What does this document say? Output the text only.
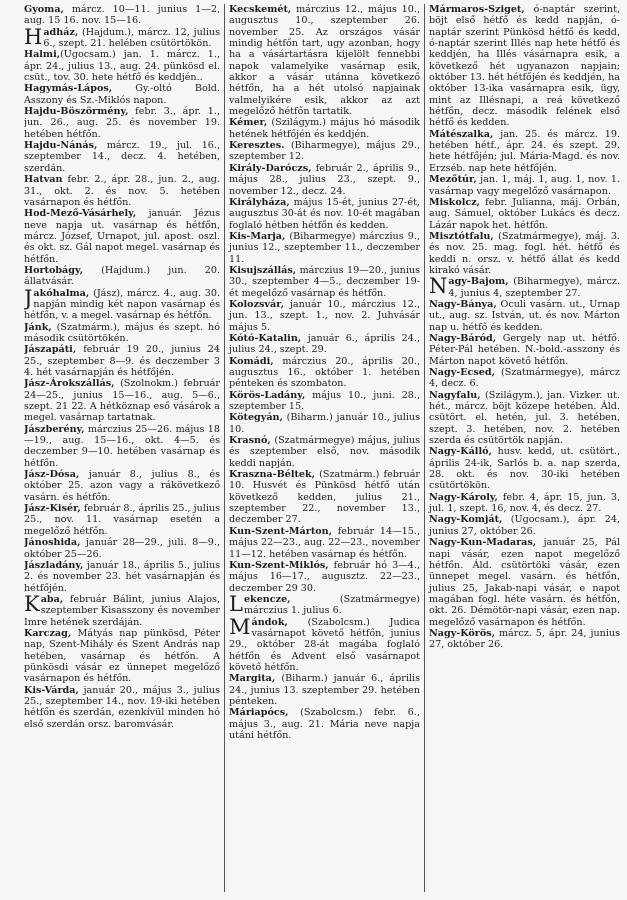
Gyoma, márcz. 10—11. junius 1—2, aug. 15 16. nov. 15—16.

Hadház, (Hajdum.), márcz. 12, julius 6., szept. 21. helében csütörtökön.

Halmi,(Ugocsam.) jan. 1. márcz. 1., ápr. 24., julius 13., aug. 24. pünkösd el. csüt., tov. 30. hete hétfő és keddjén..

Hagymás-Lápos, Gy.-oltó Bold. Asszony és Sz.-Miklós napon.

Hajdu-Böszörmény, febr. 3., ápr. 1., jun. 26., aug. 25. és november 19. hetében hétfőn.

Hajdu-Nánás, márcz. 19., jul. 16., szeptember 14., decz. 4. hetében, szerdán.

Hatvan febr. 2., ápr. 28., jun. 2., aug. 31., okt. 2. és nov. 5. hetében vasárnapon és hétfőn.

Hod-Mező-Vásárhely, január. Jézus neve napja ut. vasárnap és hétfőn, márcz. József, Urnapot, jul. apost. oszl. és okt. sz. Gál napot megel. vasárnap és hétfőn.

Hortobágy, (Hajdum.) jun. 20. állatvásár.

Jakóhalma, (Jász), márcz. 4., aug. 30. napján mindig két napon vasárnap és hétfőn, v. a megel. vasárnap és hétfőn.

Jánk, (Szatmárm.), május és szept. hó második csütörtökén.

Jászapáti, február 19 20., junius 24 25., szeptember 8—9. és deczember 3 4. hét vasárnapján és hétfőjén.

Jász-Árokszállás, (Szolnokm.) február 24—25., junius 15—16., aug. 5—6., szept. 21 22. A hétköznap eső vásárok a megel. vasárnap tartatnak.

Jászberény, márczius 25—26. május 18—19., aug. 15—16., okt. 4—5. és deczember 9—10. hetében vasárnap és hétfőn.

Jász-Dósa, január 8., julius 8., és október 25. azon vagy a rákövetkező vasárn. és hétfőn.

Jász-Kisér, február 8., április 25., julius 25., nov. 11. vasárnap esetén a megelőző hétfőn.

Jánoshida, január 28—29., juli. 8—9., október 25—26.

Jászladány, január 18., április 5., julius 2. és november 23. hét vasárnapján és hétfőjén.

Kaba, február Bálint, junius Alajos, szeptember Kisasszony és november Imre hetének szerdáján.

Karczag, Mátyás nap pünkösd, Péter nap, Szent-Mihály és Szent András nap hetében, vasárnap és hétfőn. A pünkösdi vásár ez ünnepet megelőző vasárnapon és hétfőn.

Kis-Várda, január 20., május 3., julius 25., szeptember 14., nov. 19-iki hetében hétfőn és szerdán, ezenkívül minden hó első szerdán orsz. baromvásár.

Kecskemét, márczius 12., május 10., augusztus 10., szeptember 26. november 25. Az országos vásár mindig hétfőn tart, ugy azonban, hogy ha a vásártartásra kijelölt fennebbi napok valamelyike vasárnap esik, akkor a vásár utánna következő hétfőn, ha a hét utolsó napjainak valmelyikére esik, akkor az azt megelőző hétfőn tartatik.

Kémer, (Szilágym.) május hó második hetének hétfőjén és keddjén.

Keresztes. (Biharmegye), május 29., szeptember 12.

Király-Daróczs, február 2., április 9., május 28., julius 23., szept. 9., november 12., decz. 24.

Királyháza, május 15-ét, junius 27-ét, augusztus 30-át és nov. 10-ét magában foglaló hétben hétfőn és kedden.

Kis-Marja, (Biharmegye) márczius 9., junius 12., szeptember 11., deczember 11.

Kisujszállás, márczius 19—20., junius 30., szeptember 4—5., deczember 19-ét megelőző vasárnap és hétfőn.

Kolozsvár, január 10., márczius 12., jun. 13., szept. 1., nov. 2. Juhvásár május 5.

Kótó-Katalin, január 6., április 24., julius 24., szept. 29.

Komádi, márczius 20., április 20., augusztus 16., október 1. hetében pénteken és szombaton.

Körös-Ladány, május 10., juni. 28., szeptember 15.

Kötegyán, (Biharm.) január 10., julius 10.

Krasnó, (Szatmármegye) május, julius és szeptember első, nov. második keddi napján.

Kraszna-Béltek, (Szatmárm.) február 10. Husvét és Pünkösd hétfő után következő kedden, julius 21., szeptember 22., november 13., deczember 27.

Kun-Szent-Márton, február 14—15., május 22—23., aug. 22—23., november 11—12. hetében vasárnap és hétfőn.

Kun-Szent-Miklós, február hó 3—4., május 16—17., augusztz. 22—23., deczember 29 30.

Lekencze, (Szatmármegye) márczius 1. julius 6.

Mándok, (Szabolcsm.) Judica vasárnapot követő hétfőn, junius 29., október 28-át magába foglaló hétfőn és Advent első vasárnapot követő hétfőn.

Margita, (Biharm.) január 6., április 24., junius 13. szeptember 29. hetében pénteken.

Máriapócs, (Szabolcsm.) febr. 6., május 3., aug. 21. Mária neve napja utáni hétfőn.

Mármaros-Sziget, ó-naptár szerint, böjt első hétfő és kedd napján, ó-naptár szerint Pünkösd hétfő és kedd, ó-naptár szerint Illés nap hete hétfő és keddjén, ha Illés vásárnapra esik, a következő hét ugyanazon napjain; október 13. hét hétfőjén és keddjén, ha október 13-ika vasárnapra esik, ügy, mint az Illésnapi, a reá következő hétfőn, decz. második felének első hétfő és kedden.

Mátészalka, jan. 25. és márcz. 19. hetében hétf., ápr. 24. és szept. 29. hete hétfőjén; jul. Mária-Magd. és nov. Erzséb. nap hete hétfőjén.

Mezőtúr, jan. 1, máj. 1, aug. 1, nov. 1. vasárnap vagy megelőző vasárnapon.

Miskolcz, febr. Julianna, máj. Orbán, aug. Sámuel, október Lukács és decz. Lázár napok het. hétfőn.

Misztótfalu, (Szatmármegye), máj. 3. és nov. 25. mag. fogl. hét. hétfő és keddi n. orsz. v. hétfő állat és kedd kirakó vásár.

Nagy-Bajom, (Biharmegye), márcz. 4, junius 4, szeptember 27.

Nagy-Bánya, Oculi vasárn. ut., Urnap ut., aug. sz. István, ut. és nov. Márton nap u. hétfő és kedden.

Nagy-Báród, Gergely nap ut. hétfő. Péter-Pál hetében. N.-bold.-asszony és Márton napot követő hétfőn.

Nagy-Ecsed, (Szatmármegye), márcz 4, decz. 6.

Nagyfalu, (Szilágym.), jan. Vizker. ut. hét., márcz. böjt közepe hetében. Áld. csütört. el. hetén, jul. 3. hetében, szept. 3. hetében, nov. 2. hetében szerda és csütörtök napján.

Nagy-Kálló, husv. kedd, ut. csütört., április 24-ik, Sarlós b. a. nap szerda, 28. okt. és nov. 30-iki hetében csütörtökön.

Nagy-Károly, febr. 4, ápr. 15, jun. 3, jul. 1, szept. 16, nov. 4, és decz. 27.

Nagy-Komját, (Ugocsam.), ápr. 24, junius 27, október 26.

Nagy-Kun-Madaras, január 25, Pál napi vásár, ezen napot megelőző hétfőn. Áld. csütörtöki vásár, ezen ünnepet megel. vasárn. és hétfőn, julius 25, Jakab-napi vásár, e napot magában fogl. héte vasárn. és hétfőn, okt. 26. Démötör-napi vásár, ezen nap. megelőző vasárnapon és hétfőn.

Nagy-Körös, márcz. 5, ápr. 24, junius 27, október 26.
